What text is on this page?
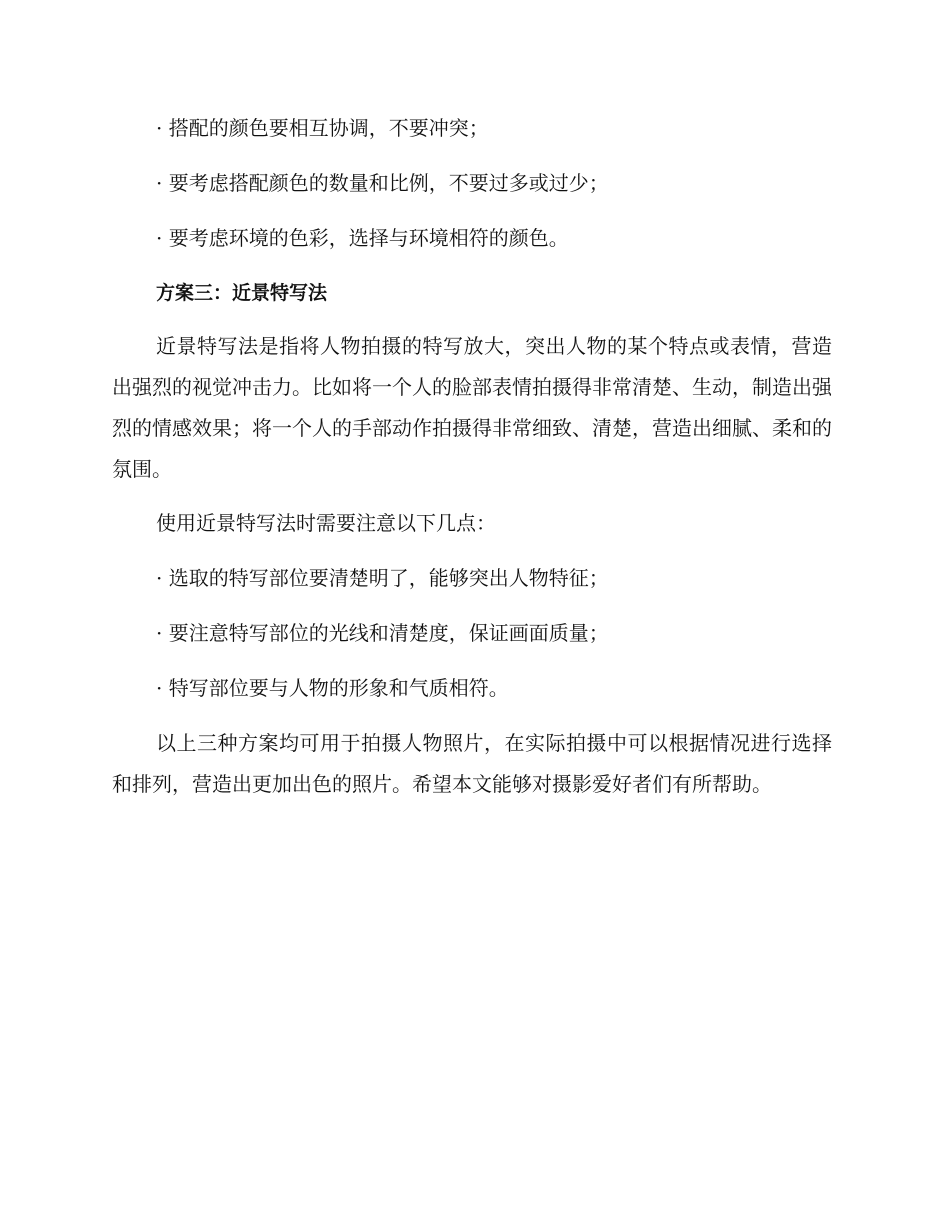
· 搭配的颜色要相互协调，不要冲突；

· 要考虑搭配颜色的数量和比例，不要过多或过少；

· 要考虑环境的色彩，选择与环境相符的颜色。

方案三：近景特写法

近景特写法是指将人物拍摄的特写放大，突出人物的某个特点或表情，营造出强烈的视觉冲击力。比如将一个人的脸部表情拍摄得非常清楚、生动，制造出强烈的情感效果；将一个人的手部动作拍摄得非常细致、清楚，营造出细腻、柔和的氛围。

使用近景特写法时需要注意以下几点：

· 选取的特写部位要清楚明了，能够突出人物特征；

· 要注意特写部位的光线和清楚度，保证画面质量；

· 特写部位要与人物的形象和气质相符。

以上三种方案均可用于拍摄人物照片，在实际拍摄中可以根据情况进行选择和排列，营造出更加出色的照片。希望本文能够对摄影爱好者们有所帮助。
